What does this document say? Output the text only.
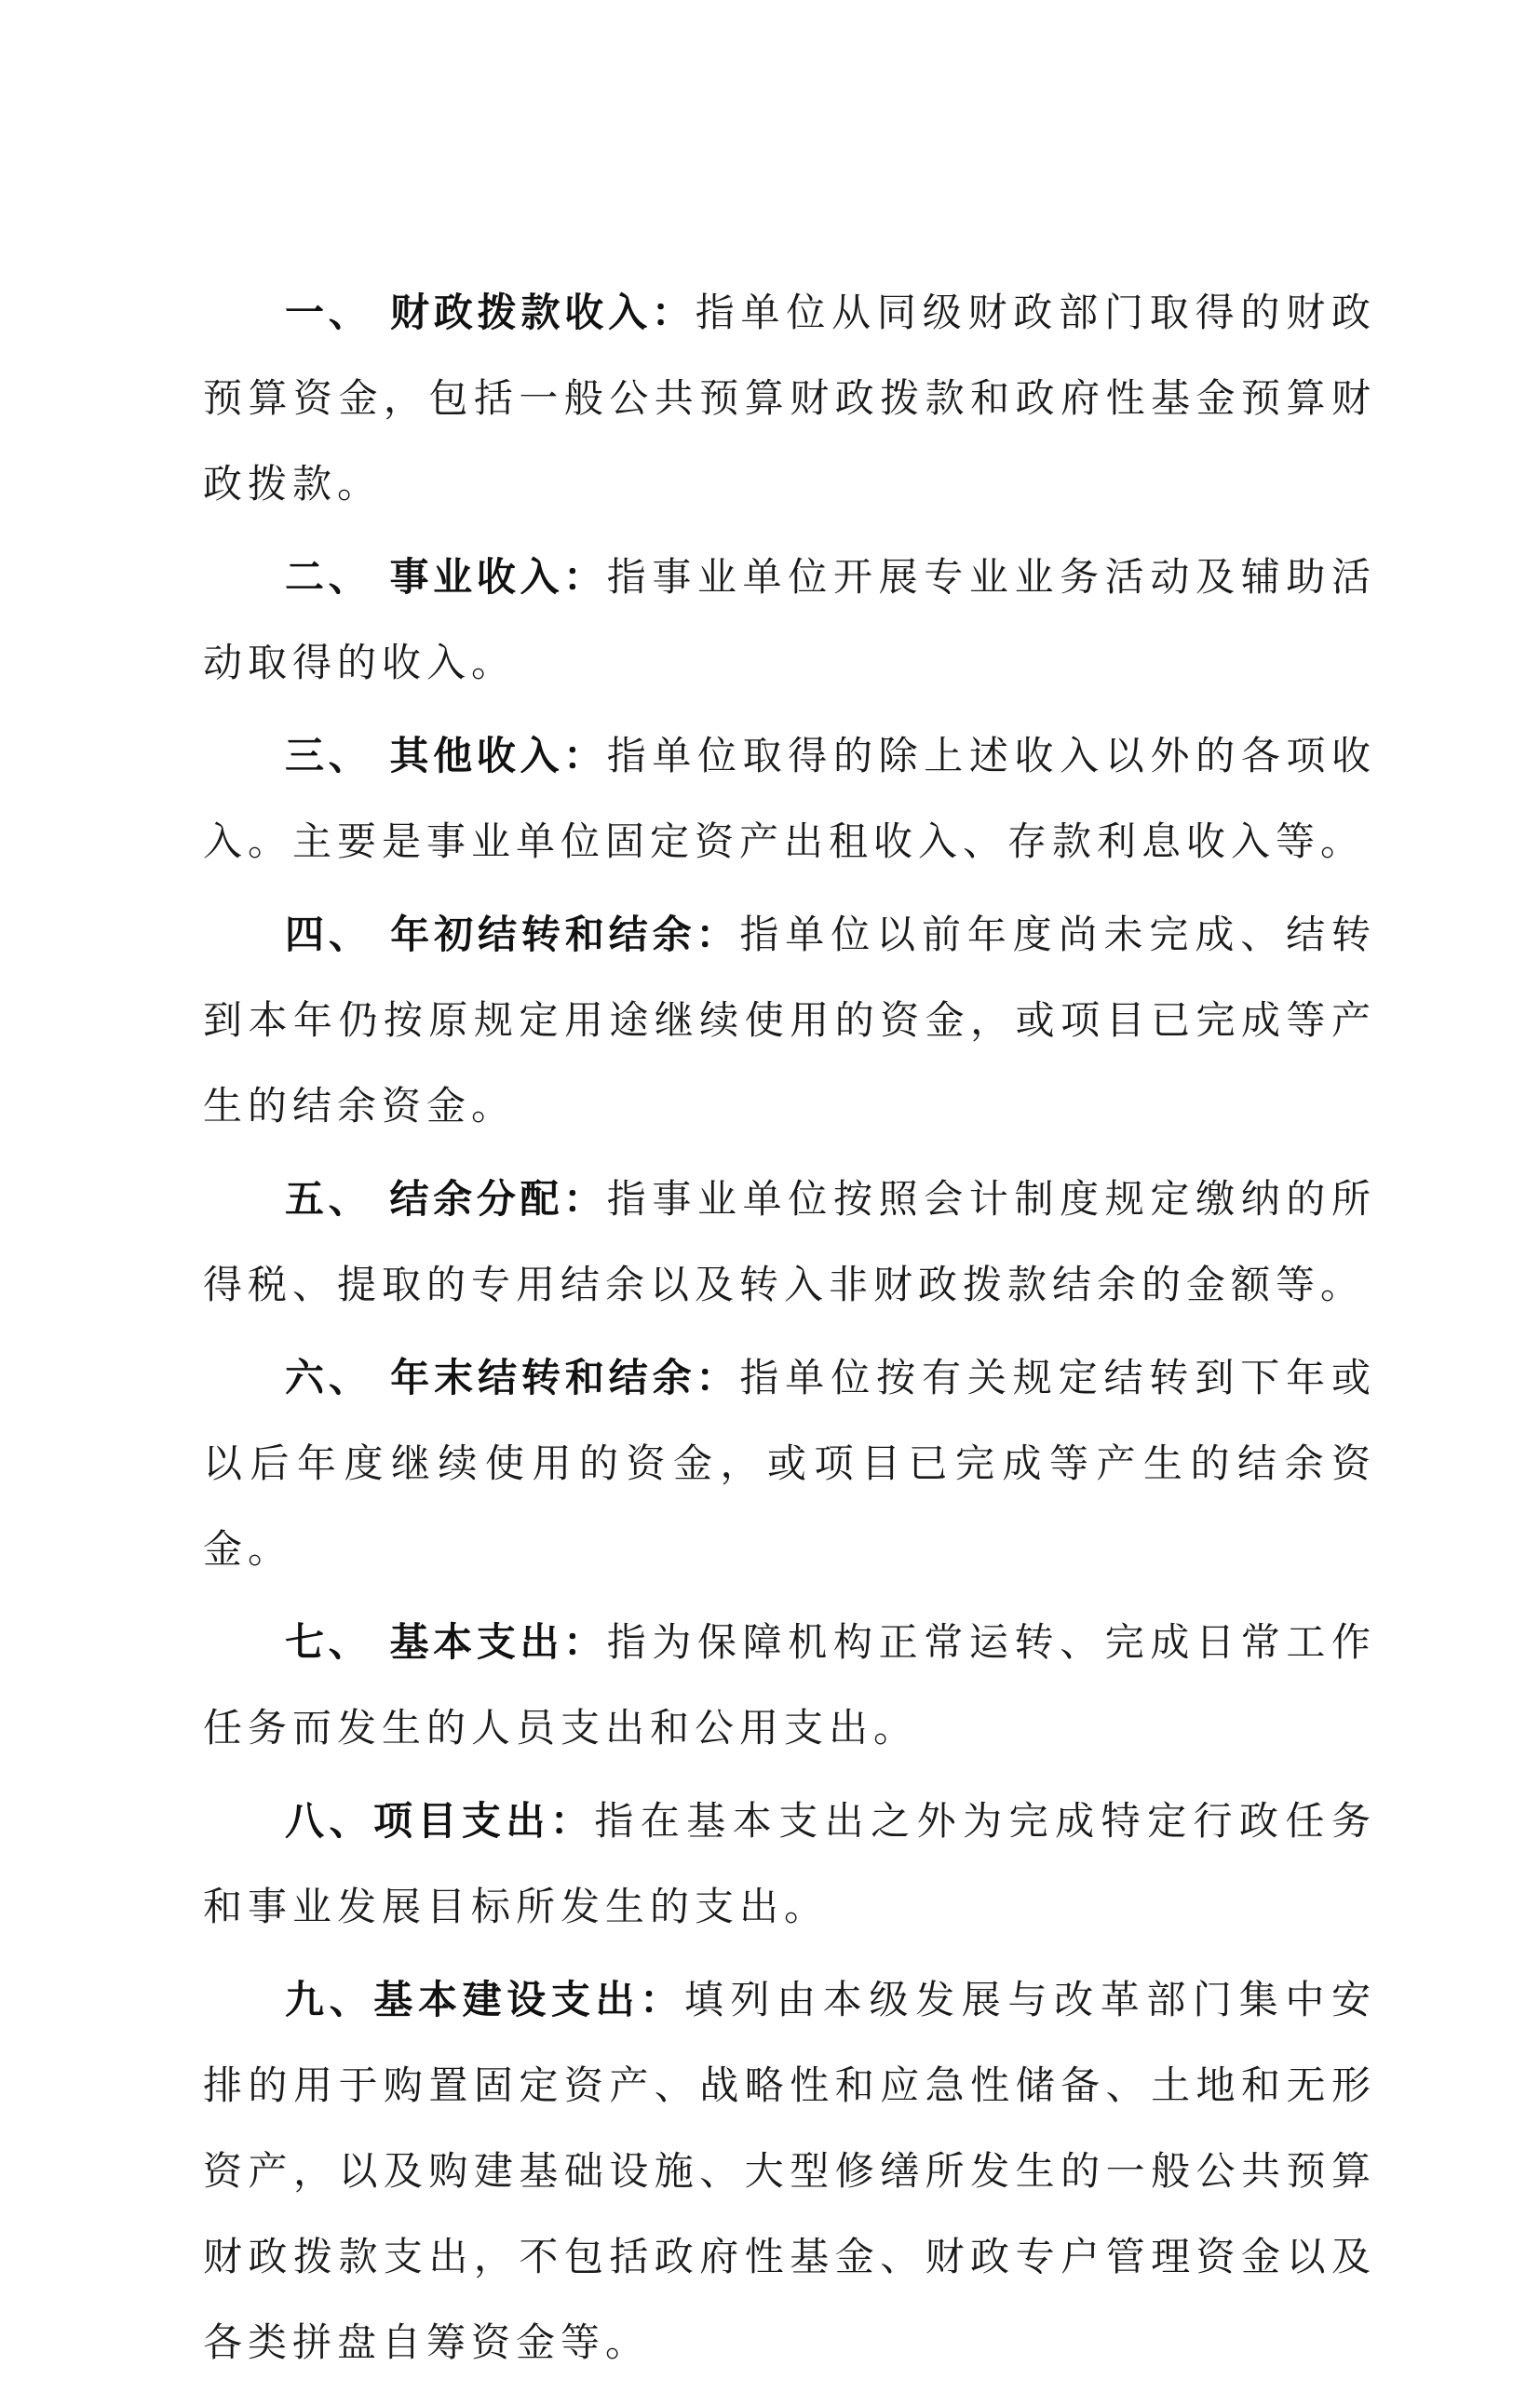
一、 财政拨款收入：指单位从同级财政部门取得的财政预算资金，包括一般公共预算财政拨款和政府性基金预算财政拨款。

二、 事业收入：指事业单位开展专业业务活动及辅助活动取得的收入。

三、 其他收入：指单位取得的除上述收入以外的各项收入。主要是事业单位固定资产出租收入、存款利息收入等。

四、 年初结转和结余：指单位以前年度尚未完成、结转到本年仍按原规定用途继续使用的资金，或项目已完成等产生的结余资金。

五、 结余分配：指事业单位按照会计制度规定缴纳的所得税、提取的专用结余以及转入非财政拨款结余的金额等。

六、 年末结转和结余：指单位按有关规定结转到下年或以后年度继续使用的资金，或项目已完成等产生的结余资金。

七、 基本支出：指为保障机构正常运转、完成日常工作任务而发生的人员支出和公用支出。

八、项目支出：指在基本支出之外为完成特定行政任务和事业发展目标所发生的支出。

九、基本建设支出：填列由本级发展与改革部门集中安排的用于购置固定资产、战略性和应急性储备、土地和无形资产，以及购建基础设施、大型修缮所发生的一般公共预算财政拨款支出，不包括政府性基金、财政专户管理资金以及各类拼盘自筹资金等。
